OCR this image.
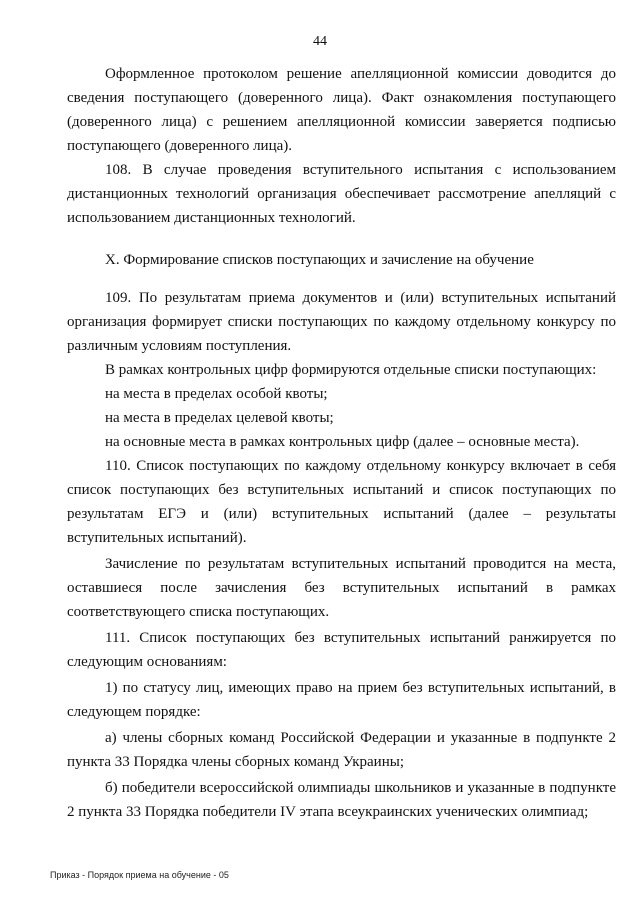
44

Оформленное протоколом решение апелляционной комиссии доводится до сведения поступающего (доверенного лица). Факт ознакомления поступающего (доверенного лица) с решением апелляционной комиссии заверяется подписью поступающего (доверенного лица).

108. В случае проведения вступительного испытания с использованием дистанционных технологий организация обеспечивает рассмотрение апелляций с использованием дистанционных технологий.

X. Формирование списков поступающих и зачисление на обучение

109. По результатам приема документов и (или) вступительных испытаний организация формирует списки поступающих по каждому отдельному конкурсу по различным условиям поступления.

В рамках контрольных цифр формируются отдельные списки поступающих:

на места в пределах особой квоты;

на места в пределах целевой квоты;

на основные места в рамках контрольных цифр (далее – основные места).

110. Список поступающих по каждому отдельному конкурсу включает в себя список поступающих без вступительных испытаний и список поступающих по результатам ЕГЭ и (или) вступительных испытаний (далее – результаты вступительных испытаний).

Зачисление по результатам вступительных испытаний проводится на места, оставшиеся после зачисления без вступительных испытаний в рамках соответствующего списка поступающих.

111. Список поступающих без вступительных испытаний ранжируется по следующим основаниям:

1) по статусу лиц, имеющих право на прием без вступительных испытаний, в следующем порядке:

а) члены сборных команд Российской Федерации и указанные в подпункте 2 пункта 33 Порядка члены сборных команд Украины;

б) победители всероссийской олимпиады школьников и указанные в подпункте 2 пункта 33 Порядка победители IV этапа всеукраинских ученических олимпиад;

Приказ - Порядок приема на обучение - 05
